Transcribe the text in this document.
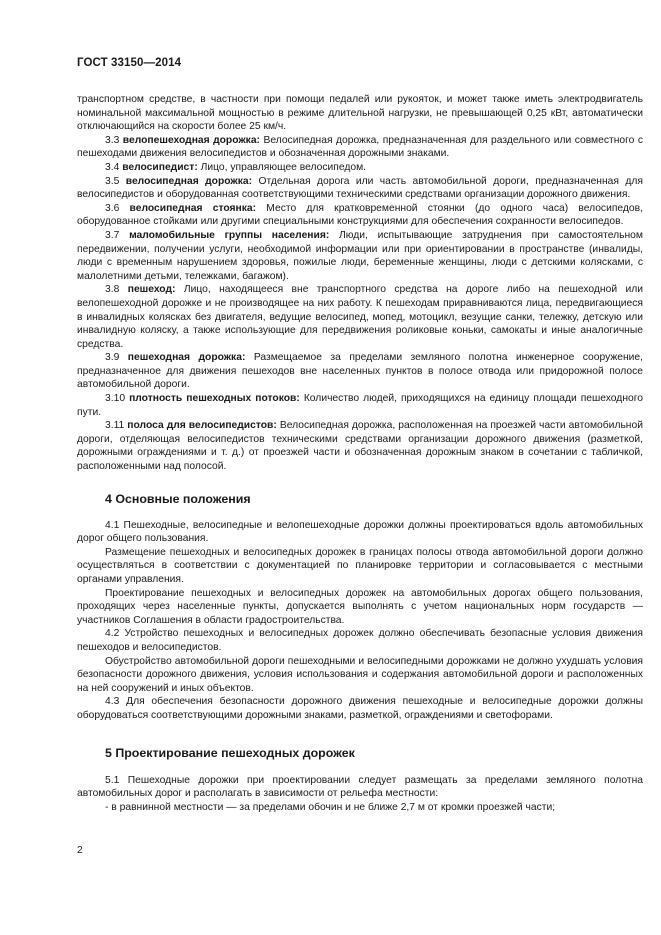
ГОСТ 33150—2014

транспортном средстве, в частности при помощи педалей или рукояток, и может также иметь электродвигатель номинальной максимальной мощностью в режиме длительной нагрузки, не превышающей 0,25 кВт, автоматически отключающийся на скорости более 25 км/ч.

3.3 велопешеходная дорожка: Велосипедная дорожка, предназначенная для раздельного или совместного с пешеходами движения велосипедистов и обозначенная дорожными знаками.

3.4 велосипедист: Лицо, управляющее велосипедом.

3.5 велосипедная дорожка: Отдельная дорога или часть автомобильной дороги, предназначенная для велосипедистов и оборудованная соответствующими техническими средствами организации дорожного движения.

3.6 велосипедная стоянка: Место для кратковременной стоянки (до одного часа) велосипедов, оборудованное стойками или другими специальными конструкциями для обеспечения сохранности велосипедов.

3.7 маломобильные группы населения: Люди, испытывающие затруднения при самостоятельном передвижении, получении услуги, необходимой информации или при ориентировании в пространстве (инвалиды, люди с временным нарушением здоровья, пожилые люди, беременные женщины, люди с детскими колясками, с малолетними детьми, тележками, багажом).

3.8 пешеход: Лицо, находящееся вне транспортного средства на дороге либо на пешеходной или велопешеходной дорожке и не производящее на них работу. К пешеходам приравниваются лица, передвигающиеся в инвалидных колясках без двигателя, ведущие велосипед, мопед, мотоцикл, везущие санки, тележку, детскую или инвалидную коляску, а также использующие для передвижения роликовые коньки, самокаты и иные аналогичные средства.

3.9 пешеходная дорожка: Размещаемое за пределами земляного полотна инженерное сооружение, предназначенное для движения пешеходов вне населенных пунктов в полосе отвода или придорожной полосе автомобильной дороги.

3.10 плотность пешеходных потоков: Количество людей, приходящихся на единицу площади пешеходного пути.

3.11 полоса для велосипедистов: Велосипедная дорожка, расположенная на проезжей части автомобильной дороги, отделяющая велосипедистов техническими средствами организации дорожного движения (разметкой, дорожными ограждениями и т. д.) от проезжей части и обозначенная дорожным знаком в сочетании с табличкой, расположенными над полосой.

4 Основные положения

4.1 Пешеходные, велосипедные и велопешеходные дорожки должны проектироваться вдоль автомобильных дорог общего пользования.

Размещение пешеходных и велосипедных дорожек в границах полосы отвода автомобильной дороги должно осуществляться в соответствии с документацией по планировке территории и согласовывается с местными органами управления.

Проектирование пешеходных и велосипедных дорожек на автомобильных дорогах общего пользования, проходящих через населенные пункты, допускается выполнять с учетом национальных норм государств — участников Соглашения в области градостроительства.

4.2 Устройство пешеходных и велосипедных дорожек должно обеспечивать безопасные условия движения пешеходов и велосипедистов.

Обустройство автомобильной дороги пешеходными и велосипедными дорожками не должно ухудшать условия безопасности дорожного движения, условия использования и содержания автомобильной дороги и расположенных на ней сооружений и иных объектов.

4.3 Для обеспечения безопасности дорожного движения пешеходные и велосипедные дорожки должны оборудоваться соответствующими дорожными знаками, разметкой, ограждениями и светофорами.

5 Проектирование пешеходных дорожек

5.1 Пешеходные дорожки при проектировании следует размещать за пределами земляного полотна автомобильных дорог и располагать в зависимости от рельефа местности:

- в равнинной местности — за пределами обочин и не ближе 2,7 м от кромки проезжей части;

2
